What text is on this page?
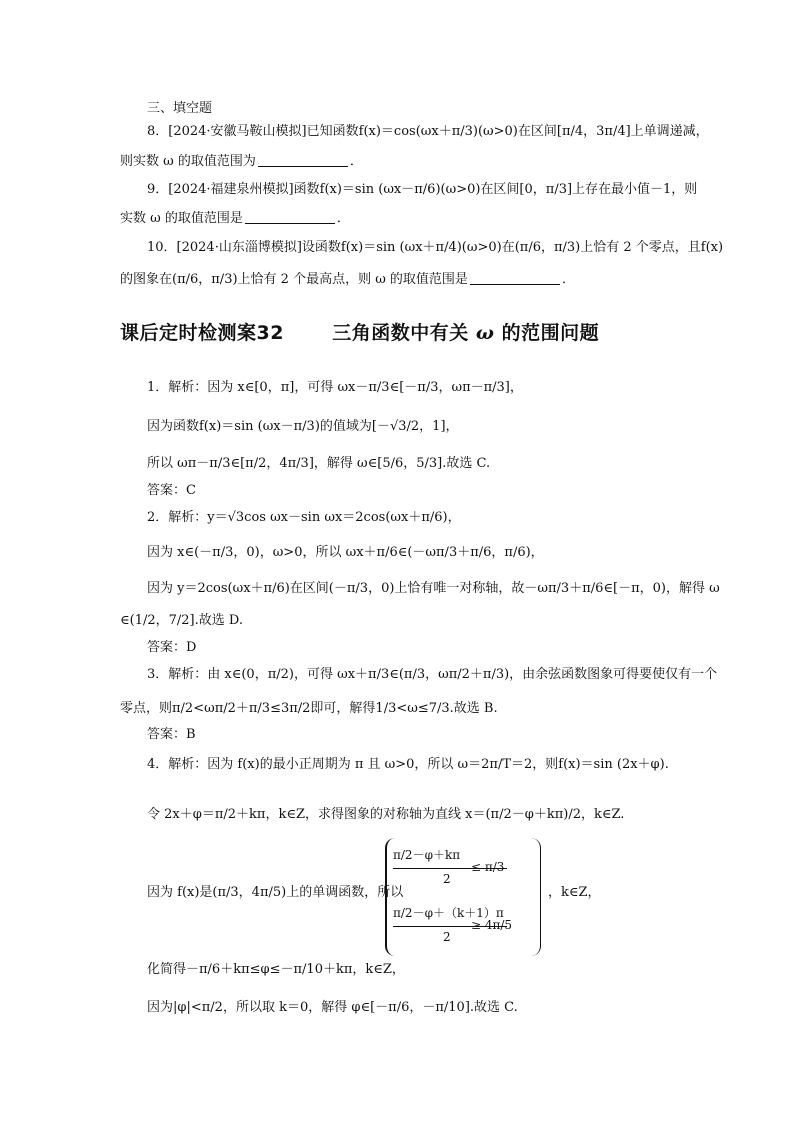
三、填空题
8．[2024·安徽马鞍山模拟]已知函数f(x)＝cos(ωx＋π/3)(ω>0)在区间[π/4，3π/4]上单调递减，
则实数 ω 的取值范围为	．
9．[2024·福建泉州模拟]函数f(x)＝sin (ωx－π/6)(ω>0)在区间[0，π/3]上存在最小值－1，则
实数 ω 的取值范围是	．
10．[2024·山东淄博模拟]设函数f(x)＝sin (ωx＋π/4)(ω>0)在(π/6，π/3)上恰有 2 个零点，且f(x)
的图象在(π/6，π/3)上恰有 2 个最高点，则 ω 的取值范围是	．
课后定时检测案32	三角函数中有关 ω 的范围问题
1．解析：因为 x∈[0，π]，可得 ωx－π/3∈[－π/3，ωπ－π/3]，
因为函数f(x)＝sin (ωx－π/3)的值域为[－√3/2，1]，
所以 ωπ－π/3∈[π/2，4π/3]，解得 ω∈[5/6，5/3].故选 C.
答案：C
2．解析：y＝√3cos ωx－sin ωx＝2cos(ωx＋π/6)，
因为 x∈(－π/3，0)，ω>0，所以 ωx＋π/6∈(－ωπ/3＋π/6，π/6)，
因为 y＝2cos(ωx＋π/6)在区间(－π/3，0)上恰有唯一对称轴，故－ωπ/3＋π/6∈[－π，0)，解得 ω
∈(1/2，7/2].故选 D.
答案：D
3．解析：由 x∈(0，π/2)，可得 ωx＋π/3∈(π/3，ωπ/2＋π/3)，由余弦函数图象可得要使仅有一个
零点，则π/2<ωπ/2＋π/3≤3π/2即可，解得1/3<ω≤7/3.故选 B.
答案：B
4．解析：因为 f(x)的最小正周期为 π 且 ω>0，所以 ω＝2π/T＝2，则f(x)＝sin (2x＋φ).
令 2x＋φ＝π/2＋kπ，k∈Z，求得图象的对称轴为直线 x＝(π/2－φ＋kπ)/2，k∈Z.
因为 f(x)是(π/3，4π/5)上的单调函数，所以
π/2－φ＋kπ
2
≤ π/3
π/2－φ＋（k＋1）π
2
≥ 4π/5
，k∈Z，
化简得－π/6＋kπ≤φ≤－π/10＋kπ，k∈Z，
因为|φ|<π/2，所以取 k＝0，解得 φ∈[－π/6，－π/10].故选 C.
